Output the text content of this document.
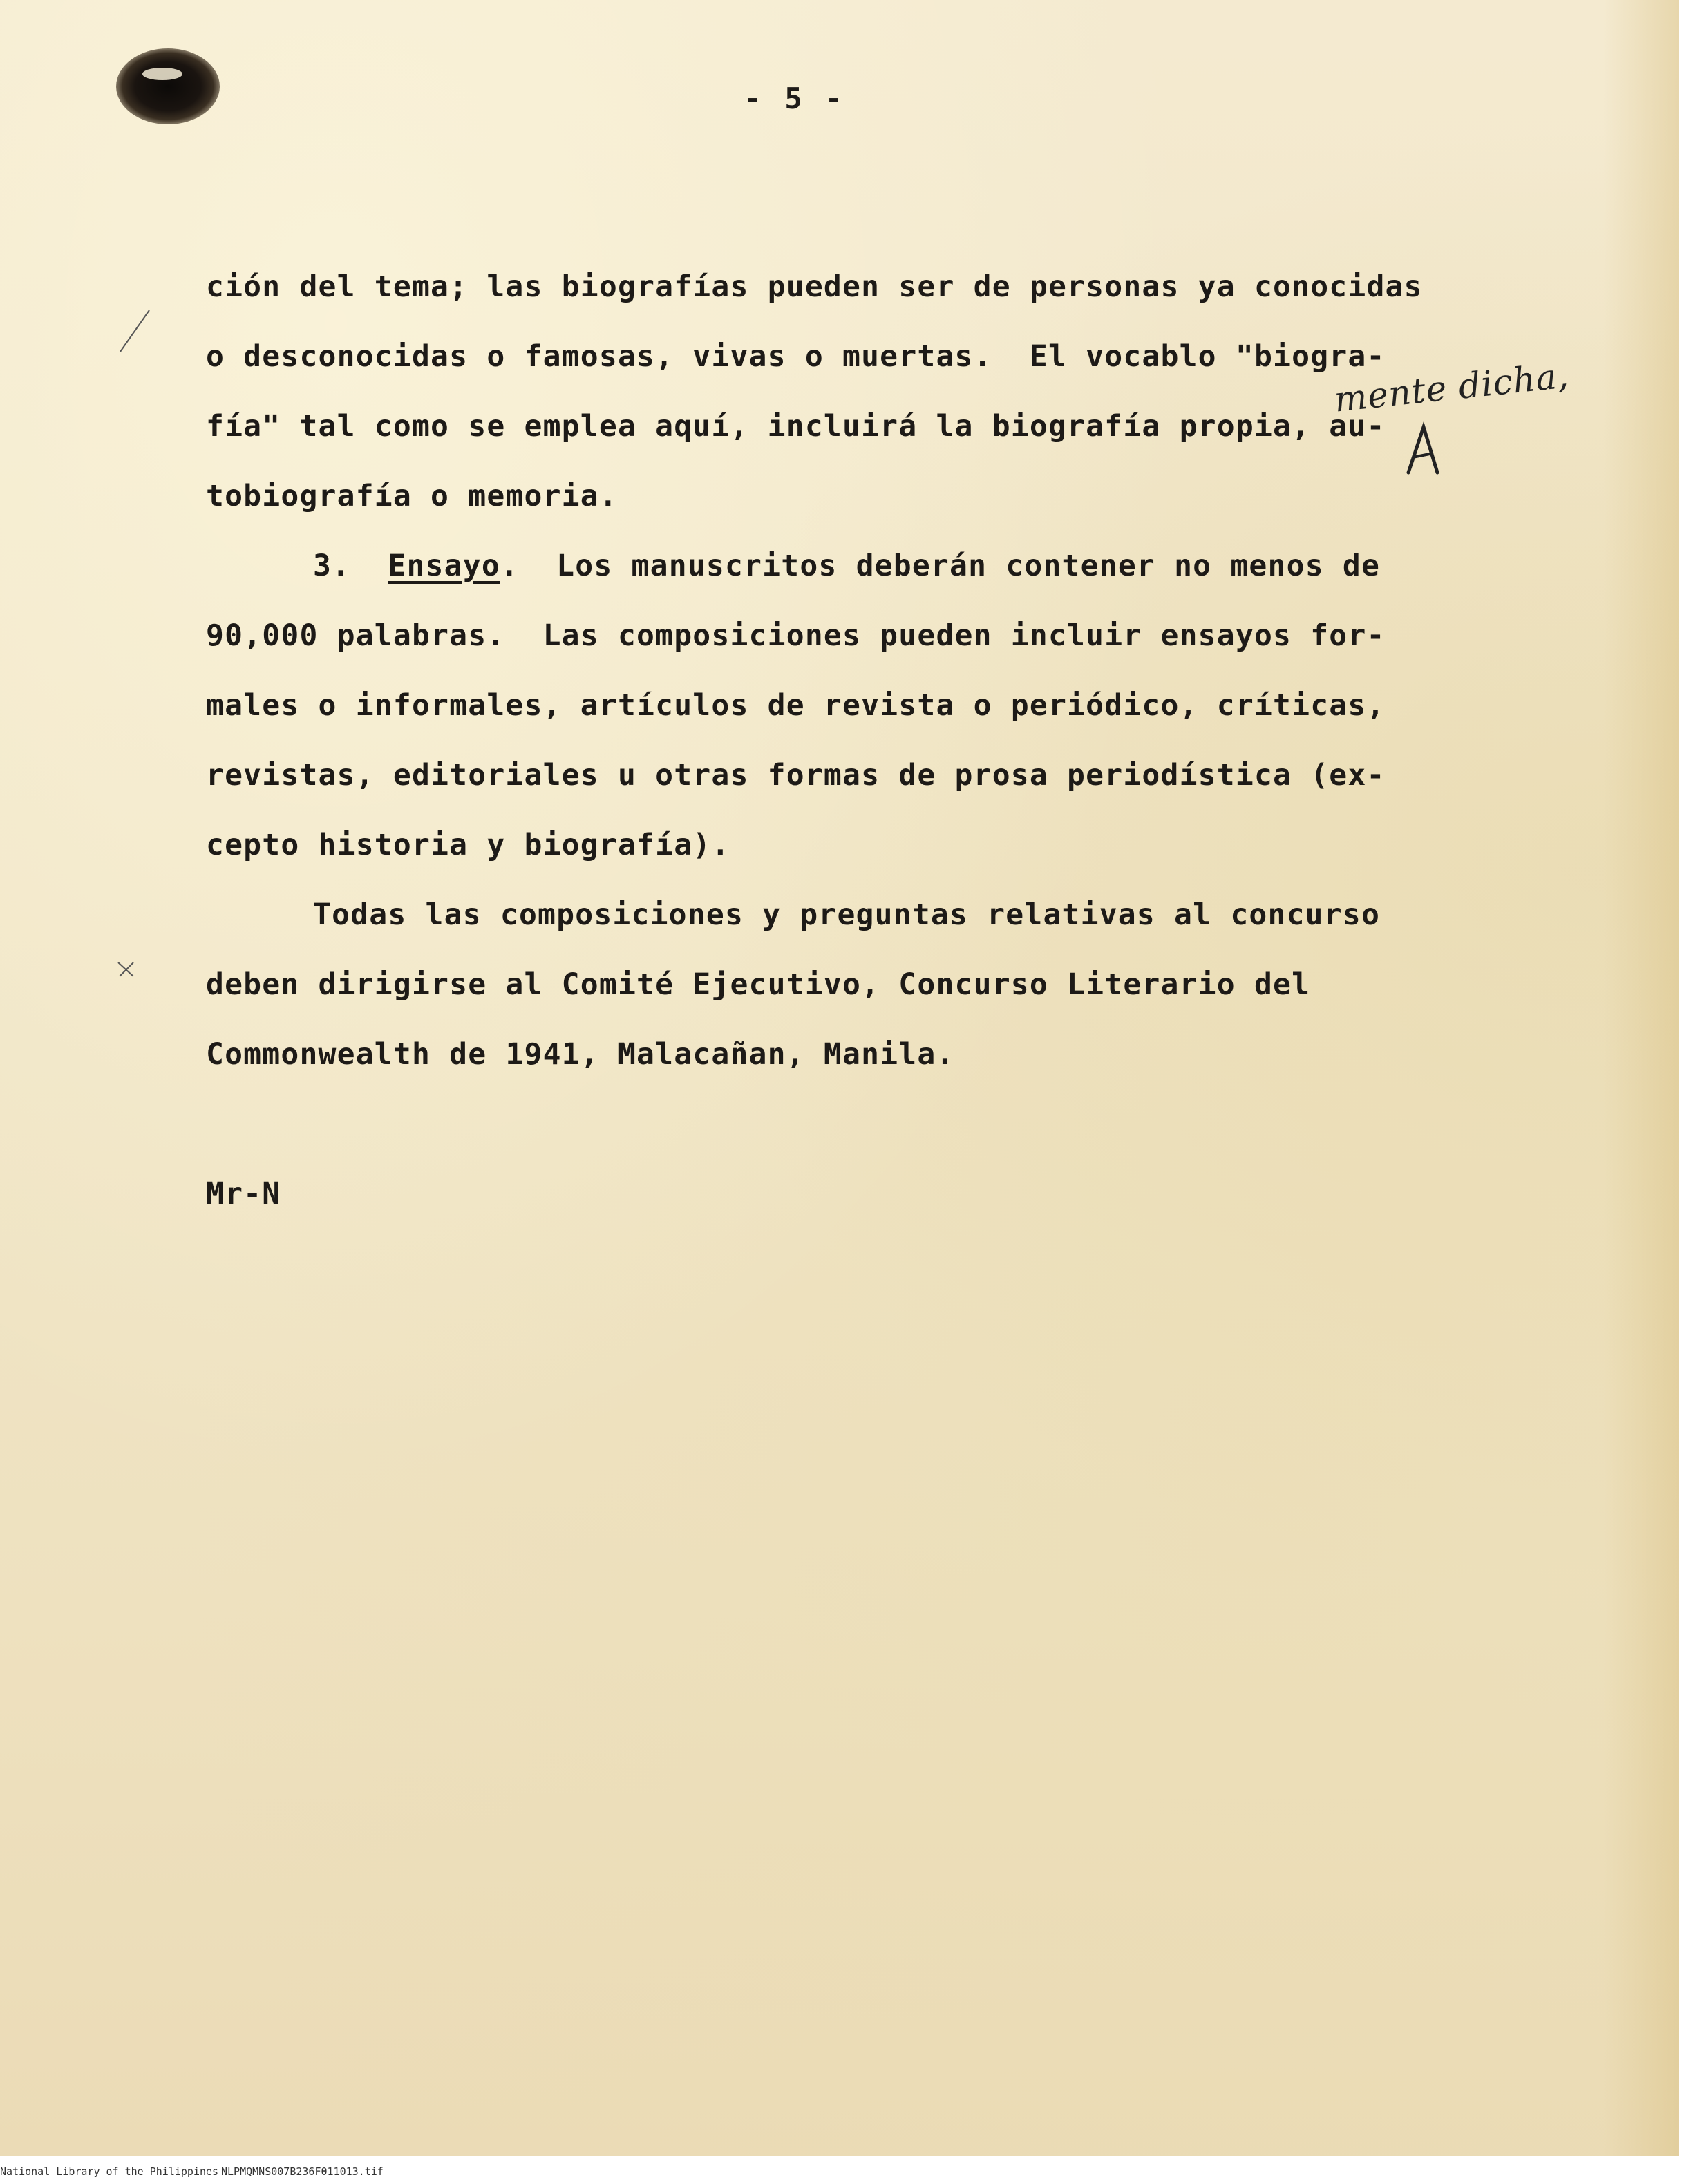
- 5 -
mente dicha,

ción del tema; las biografías pueden ser de personas ya conocidas

o desconocidas o famosas, vivas o muertas.  El vocablo "biogra-

fía" tal como se emplea aquí, incluirá la biografía propia, au-

tobiografía o memoria.

3. Ensayo.  Los manuscritos deberán contener no menos de

90,000 palabras.  Las composiciones pueden incluir ensayos for-

males o informales, artículos de revista o periódico, críticas,

revistas, editoriales u otras formas de prosa periodística (ex-

cepto historia y biografía).

Todas las composiciones y preguntas relativas al concurso

deben dirigirse al Comité Ejecutivo, Concurso Literario del

Commonwealth de 1941, Malacañan, Manila.

Mr-N

National Library of the Philippines NLPMQMNS007B236F011013.tif
